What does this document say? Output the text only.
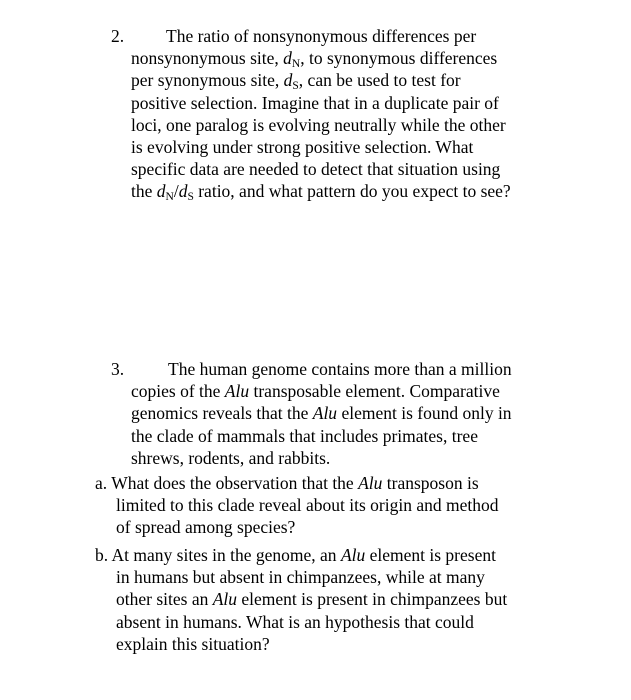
2.	The ratio of nonsynonymous differences per
nonsynonymous site, $d_N$, to synonymous differences
per synonymous site, $d_S$, can be used to test for
positive selection. Imagine that in a duplicate pair of
loci, one paralog is evolving neutrally while the other
is evolving under strong positive selection. What
specific data are needed to detect that situation using
the $d_N/d_S$ ratio, and what pattern do you expect to see?
3.	The human genome contains more than a million
copies of the Alu transposable element. Comparative
genomics reveals that the Alu element is found only in
the clade of mammals that includes primates, tree
shrews, rodents, and rabbits.
a. What does the observation that the Alu transposon is
limited to this clade reveal about its origin and method
of spread among species?
b. At many sites in the genome, an Alu element is present
in humans but absent in chimpanzees, while at many
other sites an Alu element is present in chimpanzees but
absent in humans. What is an hypothesis that could
explain this situation?
